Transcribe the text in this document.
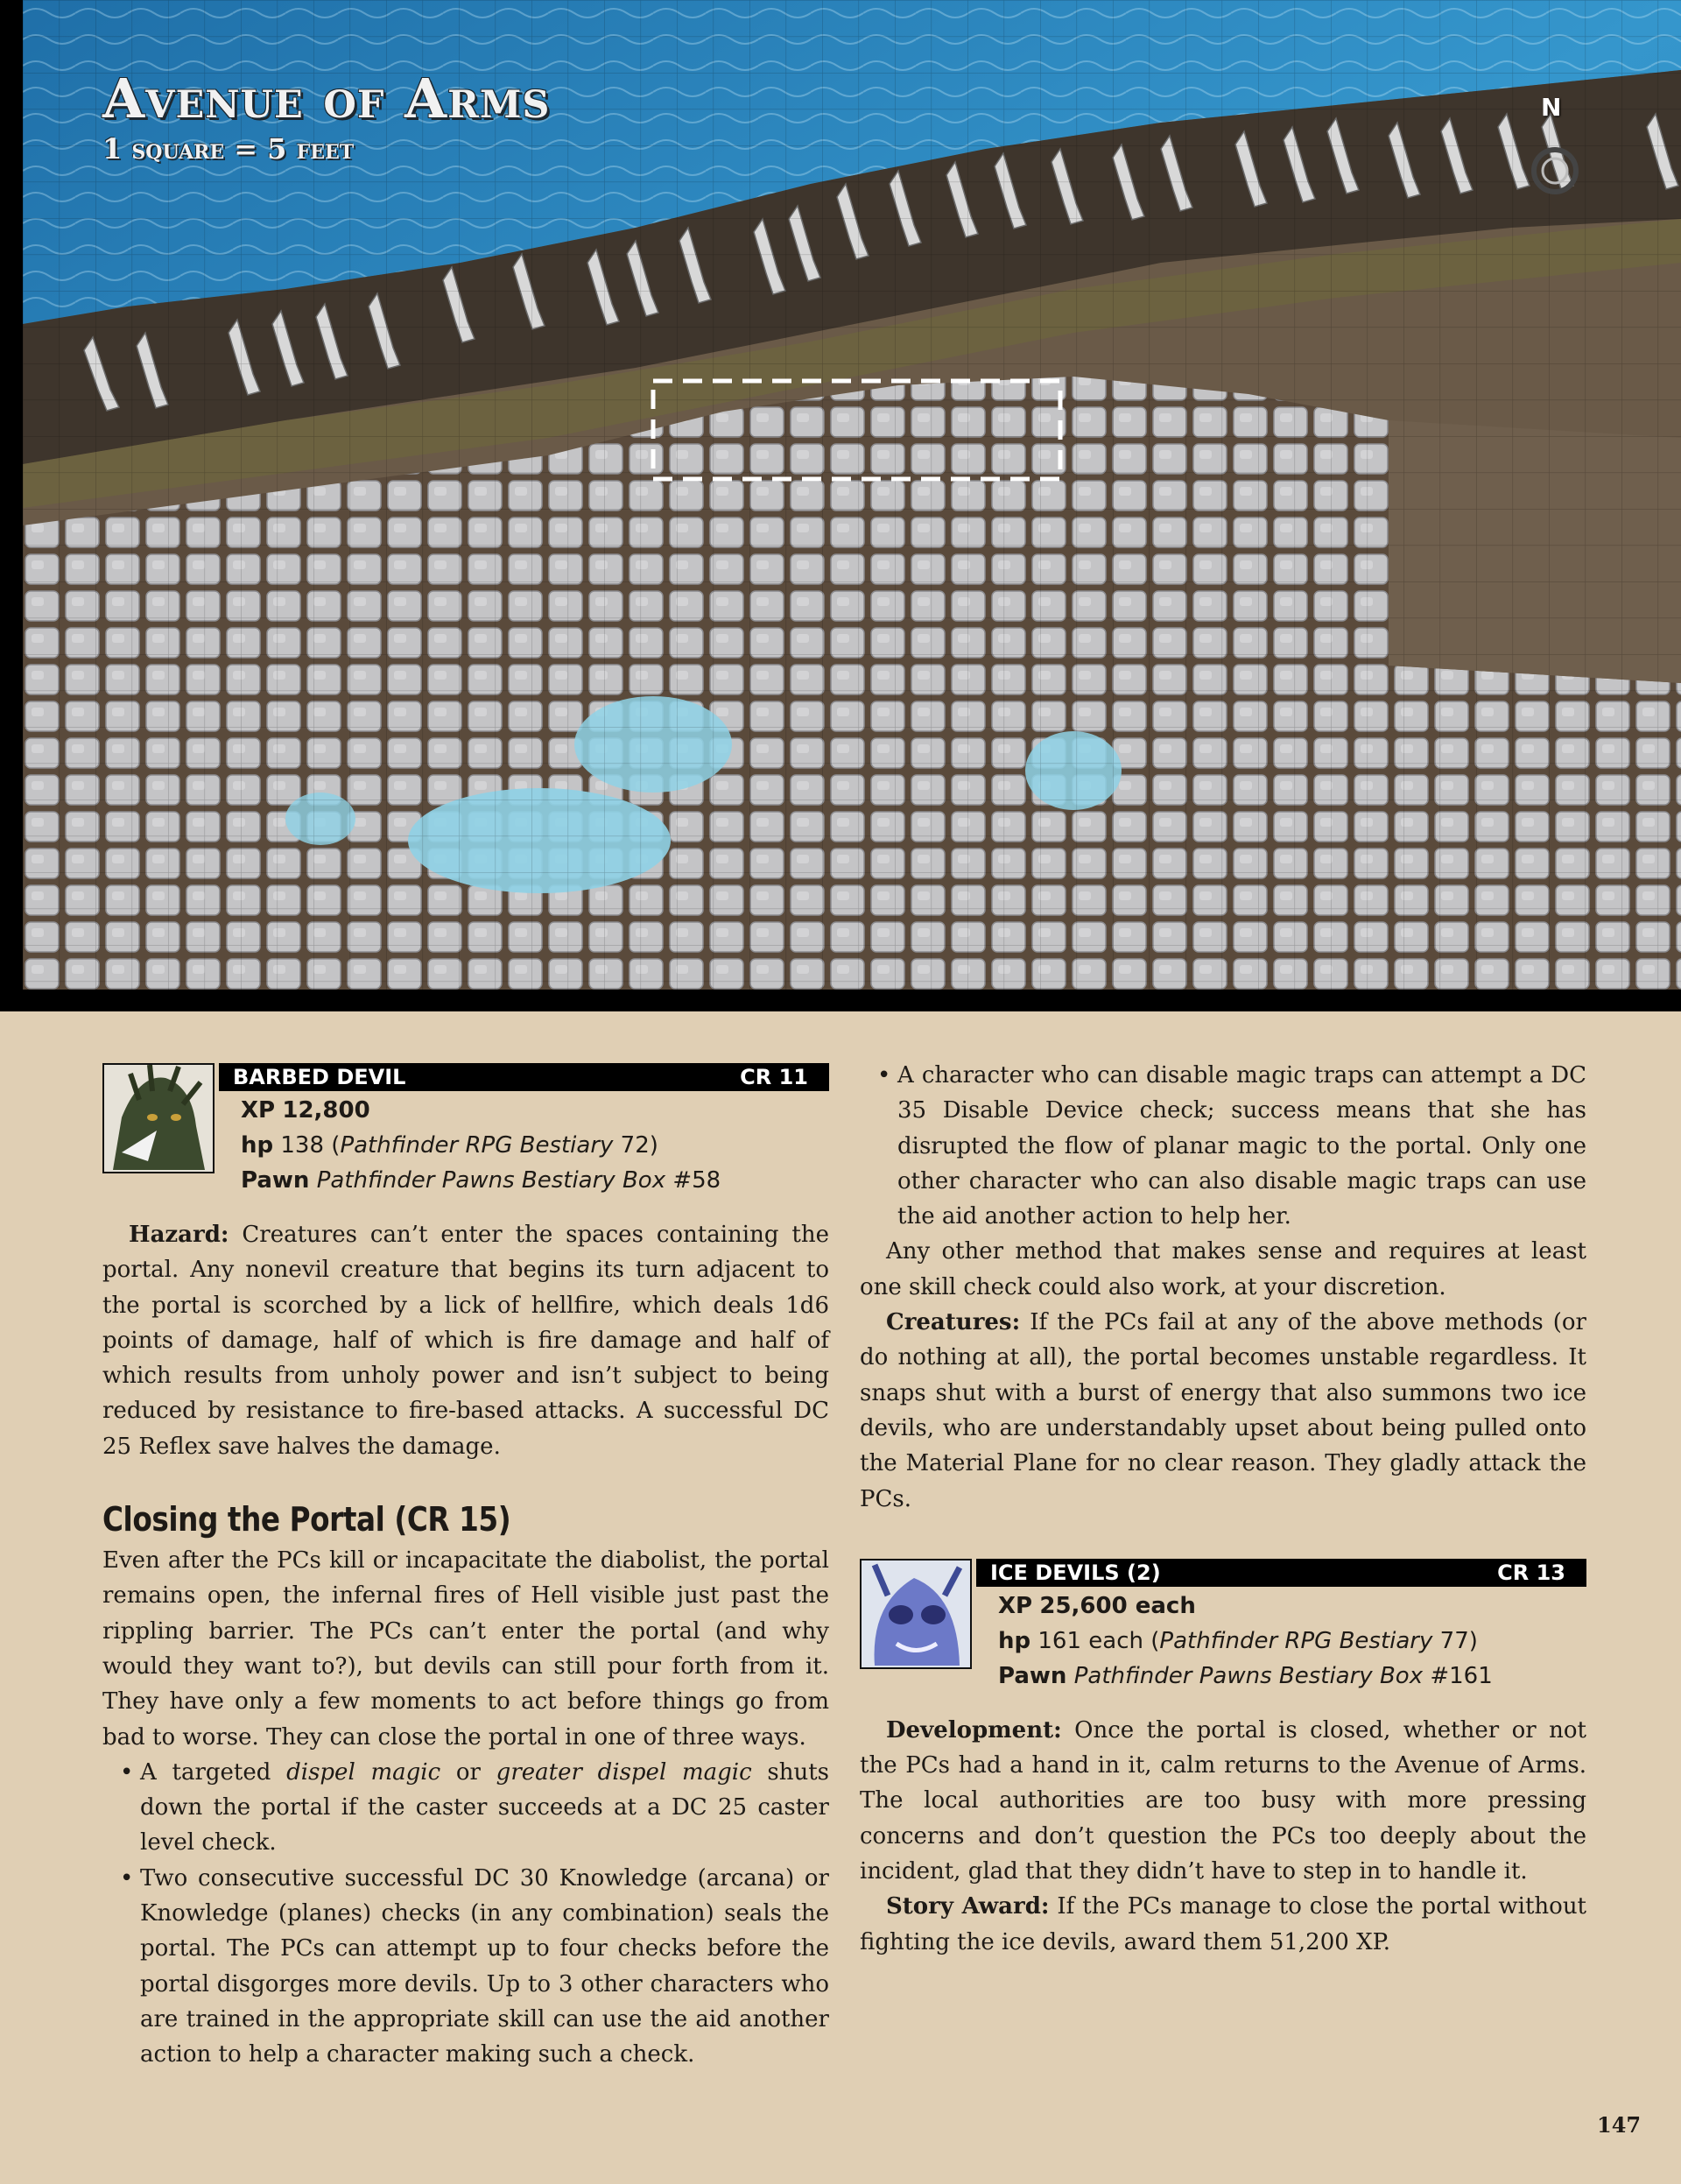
Avenue of Arms
1 square = 5 feet
N
BARBED DEVIL	CR 11
XP 12,800
hp 138 (Pathfinder RPG Bestiary 72)
Pawn Pathfinder Pawns Bestiary Box #58

Hazard: Creatures can’t enter the spaces containing the portal. Any nonevil creature that begins its turn adjacent to the portal is scorched by a lick of hellfire, which deals 1d6 points of damage, half of which is fire damage and half of which results from unholy power and isn’t subject to being reduced by resistance to fire-based attacks. A successful DC 25 Reflex save halves the damage.

Closing the Portal (CR 15)

Even after the PCs kill or incapacitate the diabolist, the portal remains open, the infernal fires of Hell visible just past the rippling barrier. The PCs can’t enter the portal (and why would they want to?), but devils can still pour forth from it. They have only a few moments to act before things go from bad to worse. They can close the portal in one of three ways.

• A targeted dispel magic or greater dispel magic shuts down the portal if the caster succeeds at a DC 25 caster level check.
• Two consecutive successful DC 30 Knowledge (arcana) or Knowledge (planes) checks (in any combination) seals the portal. The PCs can attempt up to four checks before the portal disgorges more devils. Up to 3 other characters who are trained in the appropriate skill can use the aid another action to help a character making such a check.
• A character who can disable magic traps can attempt a DC 35 Disable Device check; success means that she has disrupted the flow of planar magic to the portal. Only one other character who can also disable magic traps can use the aid another action to help her.

Any other method that makes sense and requires at least one skill check could also work, at your discretion.

Creatures: If the PCs fail at any of the above methods (or do nothing at all), the portal becomes unstable regardless. It snaps shut with a burst of energy that also summons two ice devils, who are understandably upset about being pulled onto the Material Plane for no clear reason. They gladly attack the PCs.

ICE DEVILS (2)	CR 13
XP 25,600 each
hp 161 each (Pathfinder RPG Bestiary 77)
Pawn Pathfinder Pawns Bestiary Box #161

Development: Once the portal is closed, whether or not the PCs had a hand in it, calm returns to the Avenue of Arms. The local authorities are too busy with more pressing concerns and don’t question the PCs too deeply about the incident, glad that they didn’t have to step in to handle it.

Story Award: If the PCs manage to close the portal without fighting the ice devils, award them 51,200 XP.

147
